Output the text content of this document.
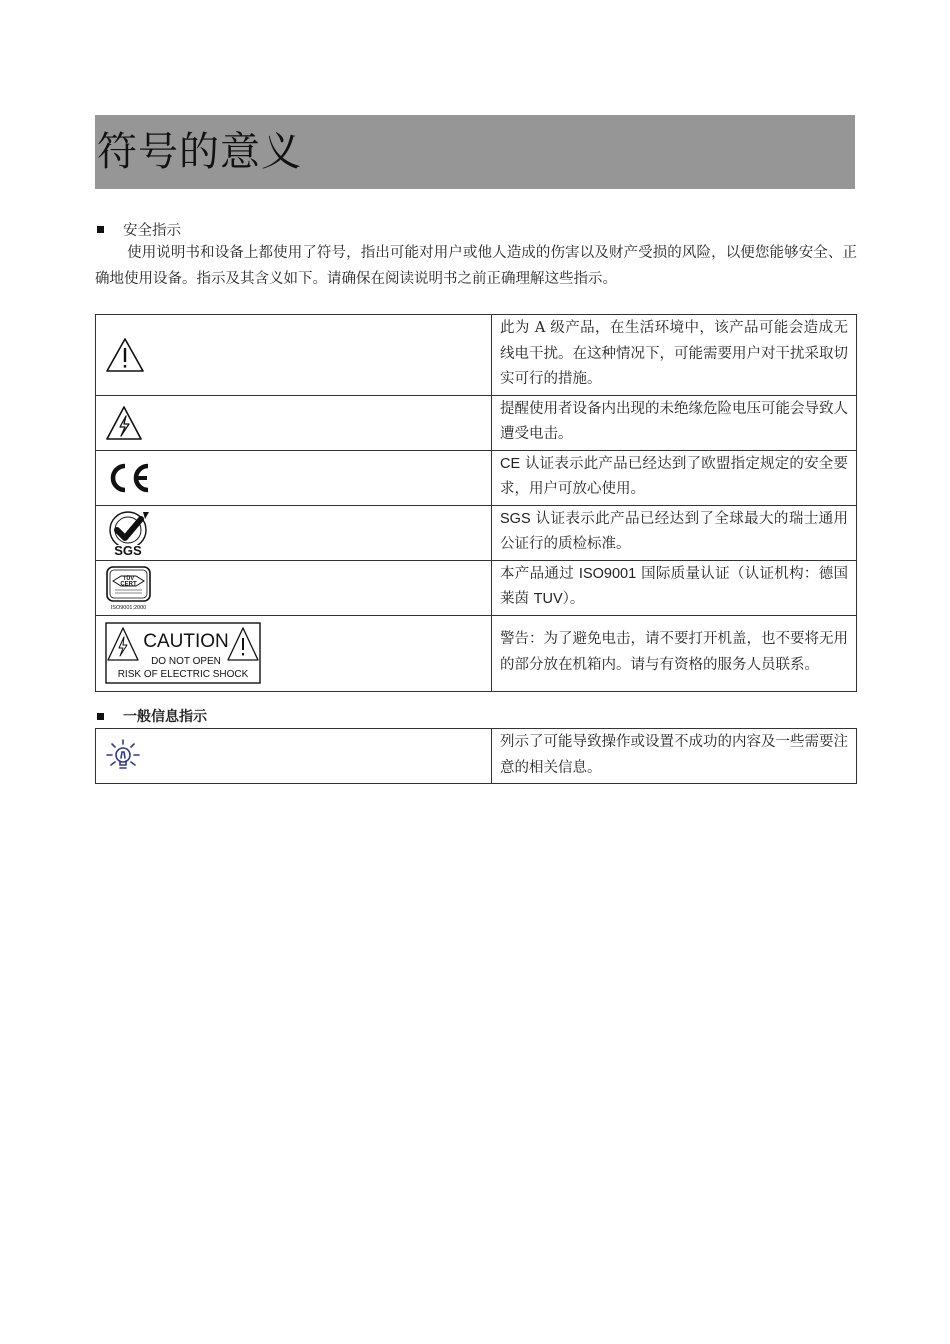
符号的意义
安全指示
使用说明书和设备上都使用了符号，指出可能对用户或他人造成的伤害以及财产受损的风险，以便您能够安全、正确地使用设备。指示及其含义如下。请确保在阅读说明书之前正确理解这些指示。
	此为 A 级产品，在生活环境中，该产品可能会造成无线电干扰。在这种情况下，可能需要用户对干扰采取切实可行的措施。

	提醒使用者设备内出现的未绝缘危险电压可能会导致人遭受电击。

	CE 认证表示此产品已经达到了欧盟指定规定的安全要求，用户可放心使用。

SGS	SGS 认证表示此产品已经达到了全球最大的瑞士通用公证行的质检标准。

TÜV
CERT
ISO9001:2000	本产品通过 ISO9001 国际质量认证（认证机构：德国莱茵 TUV）。

CAUTION
DO NOT OPEN
RISK OF ELECTRIC SHOCK	警告：为了避免电击，请不要打开机盖，也不要将无用的部分放在机箱内。请与有资格的服务人员联系。
一般信息指示
	列示了可能导致操作或设置不成功的内容及一些需要注意的相关信息。
